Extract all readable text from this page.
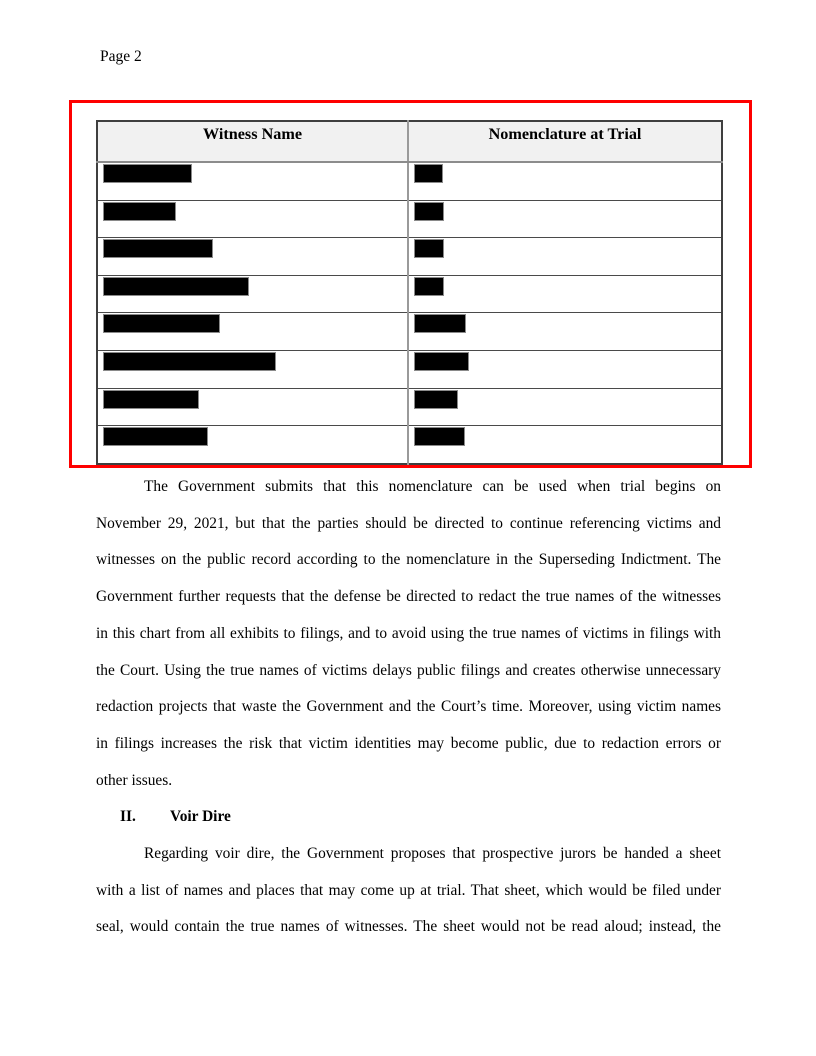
Page 2
Witness Name	Nomenclature at Trial

The Government submits that this nomenclature can be used when trial begins on
November 29, 2021, but that the parties should be directed to continue referencing victims and
witnesses on the public record according to the nomenclature in the Superseding Indictment. The
Government further requests that the defense be directed to redact the true names of the witnesses
in this chart from all exhibits to filings, and to avoid using the true names of victims in filings with
the Court. Using the true names of victims delays public filings and creates otherwise unnecessary
redaction projects that waste the Government and the Court’s time. Moreover, using victim names
in filings increases the risk that victim identities may become public, due to redaction errors or
other issues.
II. Voir Dire
Regarding voir dire, the Government proposes that prospective jurors be handed a sheet
with a list of names and places that may come up at trial. That sheet, which would be filed under
seal, would contain the true names of witnesses. The sheet would not be read aloud; instead, the
